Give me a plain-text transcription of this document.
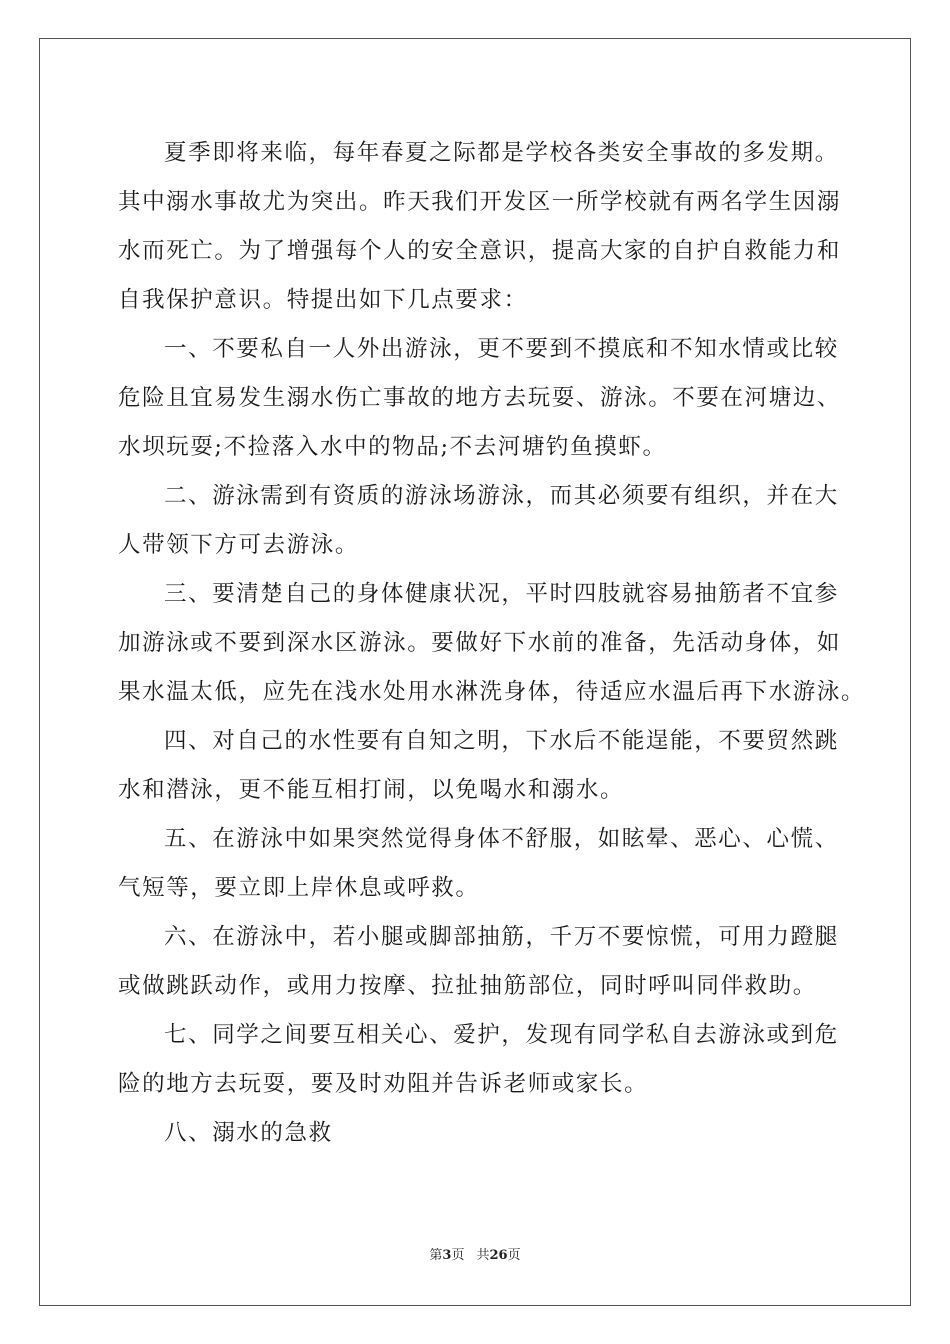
夏季即将来临，每年春夏之际都是学校各类安全事故的多发期。
其中溺水事故尤为突出。昨天我们开发区一所学校就有两名学生因溺
水而死亡。为了增强每个人的安全意识，提高大家的自护自救能力和
自我保护意识。特提出如下几点要求：
一、不要私自一人外出游泳，更不要到不摸底和不知水情或比较
危险且宜易发生溺水伤亡事故的地方去玩耍、游泳。不要在河塘边、
水坝玩耍;不捡落入水中的物品;不去河塘钓鱼摸虾。
二、游泳需到有资质的游泳场游泳，而其必须要有组织，并在大
人带领下方可去游泳。
三、要清楚自己的身体健康状况，平时四肢就容易抽筋者不宜参
加游泳或不要到深水区游泳。要做好下水前的准备，先活动身体，如
果水温太低，应先在浅水处用水淋洗身体，待适应水温后再下水游泳。
四、对自己的水性要有自知之明，下水后不能逞能，不要贸然跳
水和潜泳，更不能互相打闹，以免喝水和溺水。
五、在游泳中如果突然觉得身体不舒服，如眩晕、恶心、心慌、
气短等，要立即上岸休息或呼救。
六、在游泳中，若小腿或脚部抽筋，千万不要惊慌，可用力蹬腿
或做跳跃动作，或用力按摩、拉扯抽筋部位，同时呼叫同伴救助。
七、同学之间要互相关心、爱护，发现有同学私自去游泳或到危
险的地方去玩耍，要及时劝阻并告诉老师或家长。
八、溺水的急救
第3页 共26页
